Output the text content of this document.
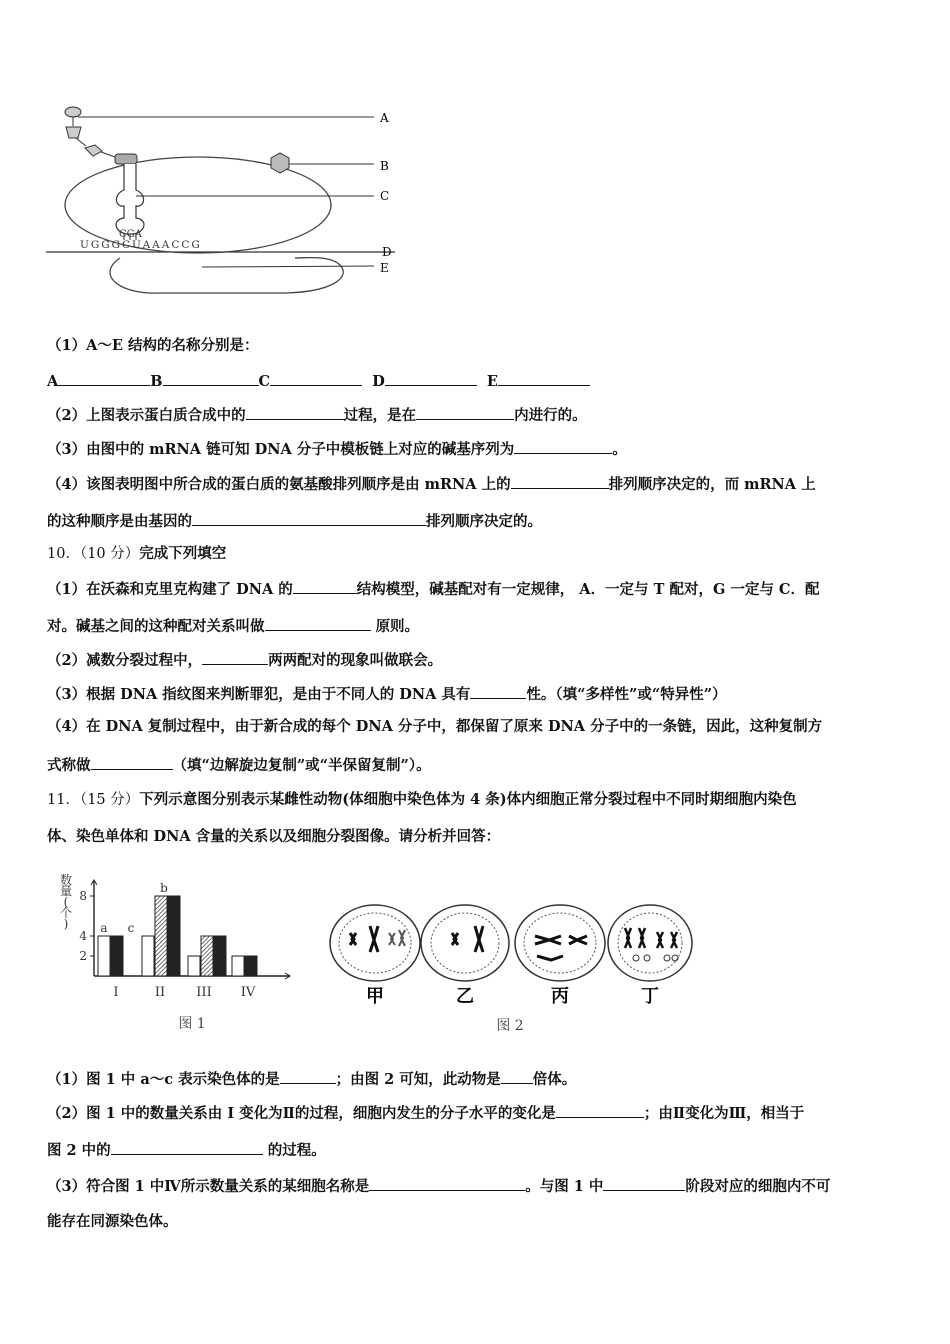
CGA
A
B
C
D
E
UGGGCUAAACCG
（1）A～E 结构的名称分别是：
A	B	C	D	E
（2）上图表示蛋白质合成中的	过程，是在	内进行的。
（3）由图中的 mRNA 链可知 DNA 分子中模板链上对应的碱基序列为	。
（4）该图表明图中所合成的蛋白质的氨基酸排列顺序是由 mRNA 上的	排列顺序决定的，而 mRNA 上
的这种顺序是由基因的	排列顺序决定的。
10．（10 分）完成下列填空
（1）在沃森和克里克构建了 DNA 的	结构模型，碱基配对有一定规律， A．一定与 T 配对，G 一定与 C．配
对。碱基之间的这种配对关系叫做	原则。
（2）减数分裂过程中，	两两配对的现象叫做联会。
（3）根据 DNA 指纹图来判断罪犯，是由于不同人的 DNA 具有	性。（填“多样性”或“特异性”）
（4）在 DNA 复制过程中，由于新合成的每个 DNA 分子中，都保留了原来 DNA 分子中的一条链，因此，这种复制方
式称做	（填“边解旋边复制”或“半保留复制”）。
11．（15 分）下列示意图分别表示某雌性动物(体细胞中染色体为 4 条)体内细胞正常分裂过程中不同时期细胞内染色
体、染色单体和 DNA 含量的关系以及细胞分裂图像。请分析并回答：
数量(个)
2
4
8
I	II III IV
a c
b
图 1
甲	乙	丙	丁
图 2
（1）图 1 中 a～c 表示染色体的是	；由图 2 可知，此动物是 倍体。
（2）图 1 中的数量关系由 I 变化为Ⅱ的过程，细胞内发生的分子水平的变化是	；由Ⅱ变化为Ⅲ，相当于
图 2 中的	的过程。
（3）符合图 1 中Ⅳ所示数量关系的某细胞名称是	。与图 1 中	阶段对应的细胞内不可
能存在同源染色体。
